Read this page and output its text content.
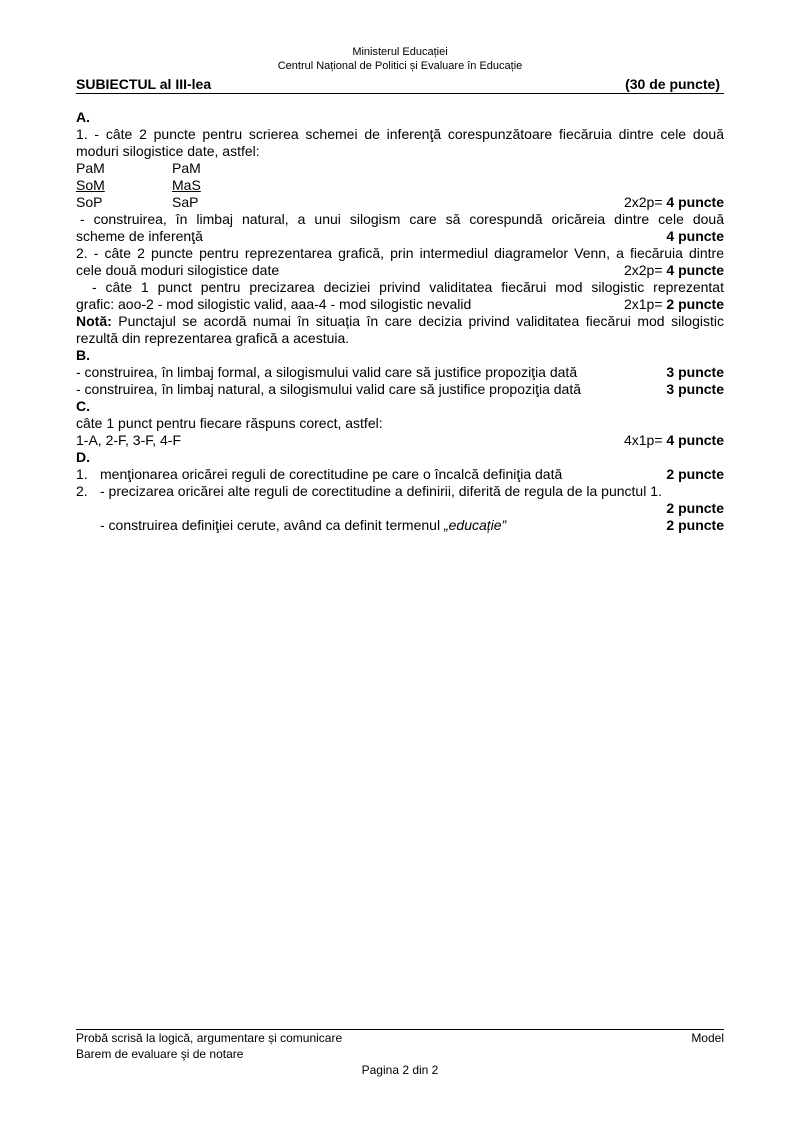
Ministerul Educației
Centrul Național de Politici și Evaluare în Educație
SUBIECTUL al III-lea	(30 de puncte)
A.
1. - câte 2 puncte pentru scrierea schemei de inferenţă corespunzătoare fiecăruia dintre cele două
moduri silogistice date, astfel:
PaM	PaM
SoM	MaS
SoP	SaP	2x2p= 4 puncte
- construirea, în limbaj natural, a unui silogism care să corespundă oricăreia dintre cele două
scheme de inferenţă	4 puncte
2. - câte 2 puncte pentru reprezentarea grafică, prin intermediul diagramelor Venn, a fiecăruia dintre
cele două moduri silogistice date	2x2p= 4 puncte
- câte 1 punct pentru precizarea deciziei privind validitatea fiecărui mod silogistic reprezentat
grafic: aoo-2 - mod silogistic valid, aaa-4 - mod silogistic nevalid	2x1p= 2 puncte
Notă: Punctajul se acordă numai în situația în care decizia privind validitatea fiecărui mod silogistic
rezultă din reprezentarea grafică a acestuia.
B.
- construirea, în limbaj formal, a silogismului valid care să justifice propoziţia dată	3 puncte
- construirea, în limbaj natural, a silogismului valid care să justifice propoziţia dată	3 puncte
C.
câte 1 punct pentru fiecare răspuns corect, astfel:
1-A, 2-F, 3-F, 4-F	4x1p= 4 puncte
D.
1. menţionarea oricărei reguli de corectitudine pe care o încalcă definiţia dată	2 puncte
2. - precizarea oricărei alte reguli de corectitudine a definirii, diferită de regula de la punctul 1.
2 puncte
- construirea definiţiei cerute, având ca definit termenul „educație”	2 puncte
Probă scrisă la logică, argumentare și comunicare	Model
Barem de evaluare şi de notare
Pagina 2 din 2
